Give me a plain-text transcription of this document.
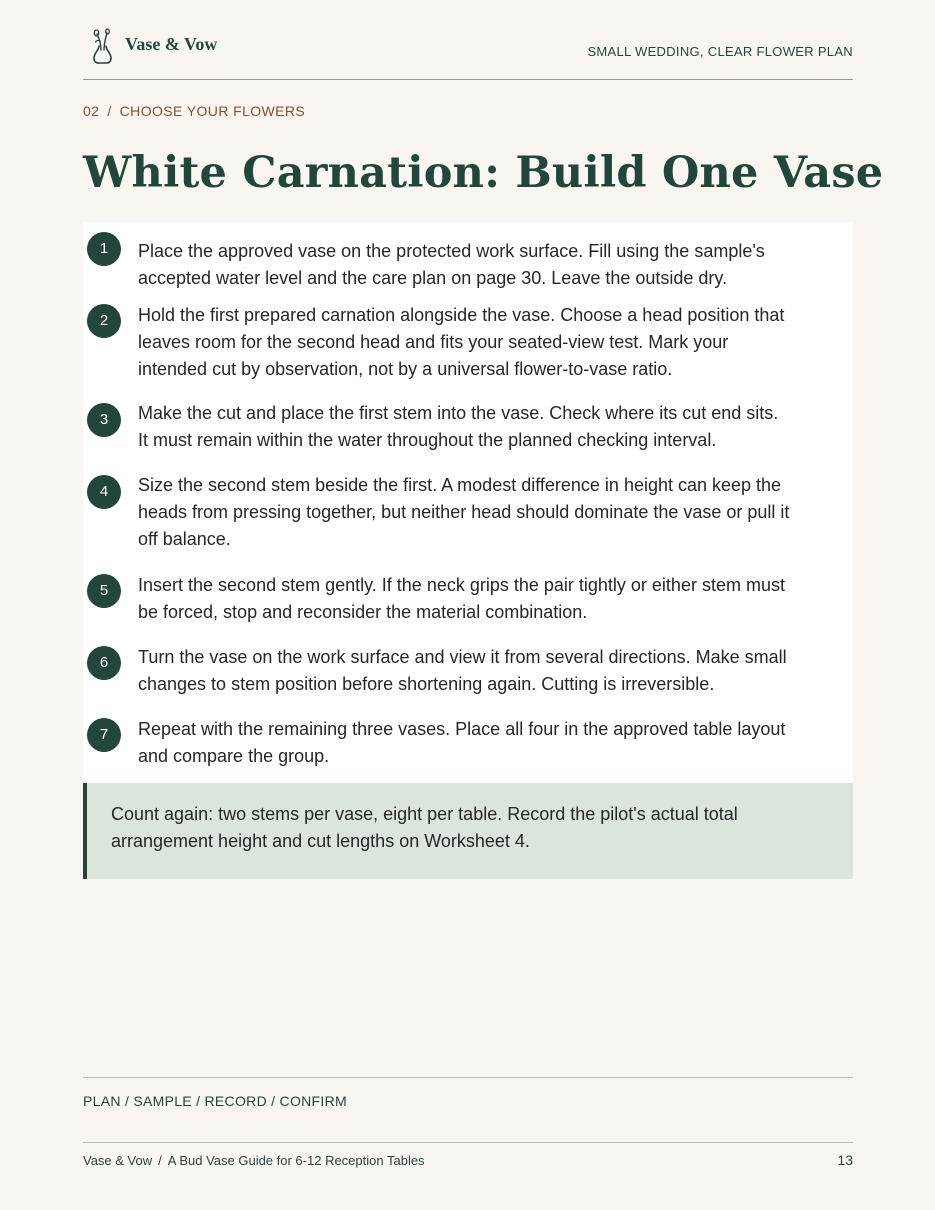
Vase & Vow	SMALL WEDDING, CLEAR FLOWER PLAN
02 / CHOOSE YOUR FLOWERS
White Carnation: Build One Vase
1	Place the approved vase on the protected work surface. Fill using the sample's
accepted water level and the care plan on page 30. Leave the outside dry.
2	Hold the first prepared carnation alongside the vase. Choose a head position that
leaves room for the second head and fits your seated-view test. Mark your
intended cut by observation, not by a universal flower-to-vase ratio.
3	Make the cut and place the first stem into the vase. Check where its cut end sits.
It must remain within the water throughout the planned checking interval.
4	Size the second stem beside the first. A modest difference in height can keep the
heads from pressing together, but neither head should dominate the vase or pull it
off balance.
5	Insert the second stem gently. If the neck grips the pair tightly or either stem must
be forced, stop and reconsider the material combination.
6	Turn the vase on the work surface and view it from several directions. Make small
changes to stem position before shortening again. Cutting is irreversible.
7	Repeat with the remaining three vases. Place all four in the approved table layout
and compare the group.
Count again: two stems per vase, eight per table. Record the pilot's actual total
arrangement height and cut lengths on Worksheet 4.
PLAN / SAMPLE / RECORD / CONFIRM
Vase & Vow / A Bud Vase Guide for 6-12 Reception Tables	13
